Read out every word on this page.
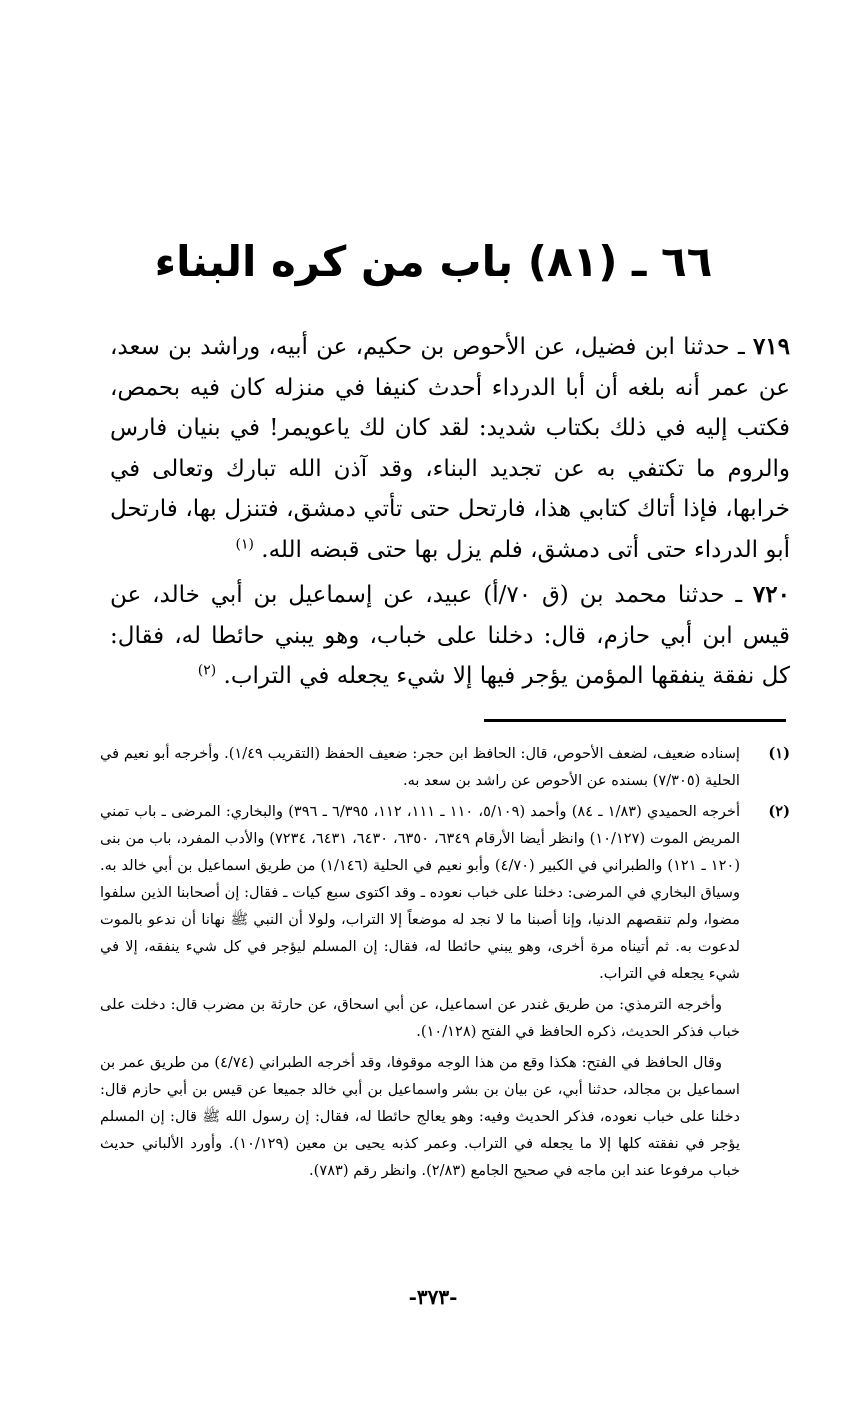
٦٦ ـ (٨١) باب من كره البناء

٧١٩ ـ حدثنا ابن فضيل، عن الأحوص بن حكيم، عن أبيه، وراشد بن سعد، عن عمر أنه بلغه أن أبا الدرداء أحدث كنيفا في منزله كان فيه بحمص، فكتب إليه في ذلك بكتاب شديد: لقد كان لك ياعويمر! في بنيان فارس والروم ما تكتفي به عن تجديد البناء، وقد آذن الله تبارك وتعالى في خرابها، فإذا أتاك كتابي هذا، فارتحل حتى تأتي دمشق، فتنزل بها، فارتحل أبو الدرداء حتى أتى دمشق، فلم يزل بها حتى قبضه الله. $^{(١)}$

٧٢٠ ـ حدثنا محمد بن (ق ٧٠/أ) عبيد، عن إسماعيل بن أبي خالد، عن قيس ابن أبي حازم، قال: دخلنا على خباب، وهو يبني حائطا له، فقال: كل نفقة ينفقها المؤمن يؤجر فيها إلا شيء يجعله في التراب. $^{(٢)}$

(١)

إسناده ضعيف، لضعف الأحوص، قال: الحافظ ابن حجر: ضعيف الحفظ (التقريب ١/٤٩). وأخرجه أبو نعيم في الحلية (٧/٣٠٥) بسنده عن الأحوص عن راشد بن سعد به.

(٢)

أخرجه الحميدي (١/٨٣ ـ ٨٤) وأحمد (٥/١٠٩، ١١٠ ـ ١١١، ١١٢، ٦/٣٩٥ ـ ٣٩٦) والبخاري: المرضى ـ باب تمني المريض الموت (١٠/١٢٧) وانظر أيضا الأرقام ٦٣٤٩، ٦٣٥٠، ٦٤٣٠، ٦٤٣١، ٧٢٣٤) والأدب المفرد، باب من بنى (١٢٠ ـ ١٢١) والطبراني في الكبير (٤/٧٠) وأبو نعيم في الحلية (١/١٤٦) من طريق اسماعيل بن أبي خالد به. وسياق البخاري في المرضى: دخلنا على خباب نعوده ـ وقد اكتوى سبع كيات ـ فقال: إن أصحابنا الذين سلفوا مضوا، ولم تنقصهم الدنيا، وإنا أصبنا ما لا نجد له موضعاً إلا التراب، ولولا أن النبي ﷺ نهانا أن ندعو بالموت لدعوت به. ثم أتيناه مرة أخرى، وهو يبني حائطا له، فقال: إن المسلم ليؤجر في كل شيء ينفقه، إلا في شيء يجعله في التراب.

وأخرجه الترمذي: من طريق غندر عن اسماعيل، عن أبي اسحاق، عن حارثة بن مضرب قال: دخلت على خباب فذكر الحديث، ذكره الحافظ في الفتح (١٠/١٢٨).

وقال الحافظ في الفتح: هكذا وقع من هذا الوجه موقوفا، وقد أخرجه الطبراني (٤/٧٤) من طريق عمر بن اسماعيل بن مجالد، حدثنا أبي، عن بيان بن بشر واسماعيل بن أبي خالد جميعا عن قيس بن أبي حازم قال: دخلنا على خباب نعوده، فذكر الحديث وفيه: وهو يعالج حائطا له، فقال: إن رسول الله ﷺ قال: إن المسلم يؤجر في نفقته كلها إلا ما يجعله في التراب. وعمر كذبه يحيى بن معين (١٠/١٢٩). وأورد الألباني حديث خباب مرفوعا عند ابن ماجه في صحيح الجامع (٢/٨٣). وانظر رقم (٧٨٣).

-٣٧٣-
